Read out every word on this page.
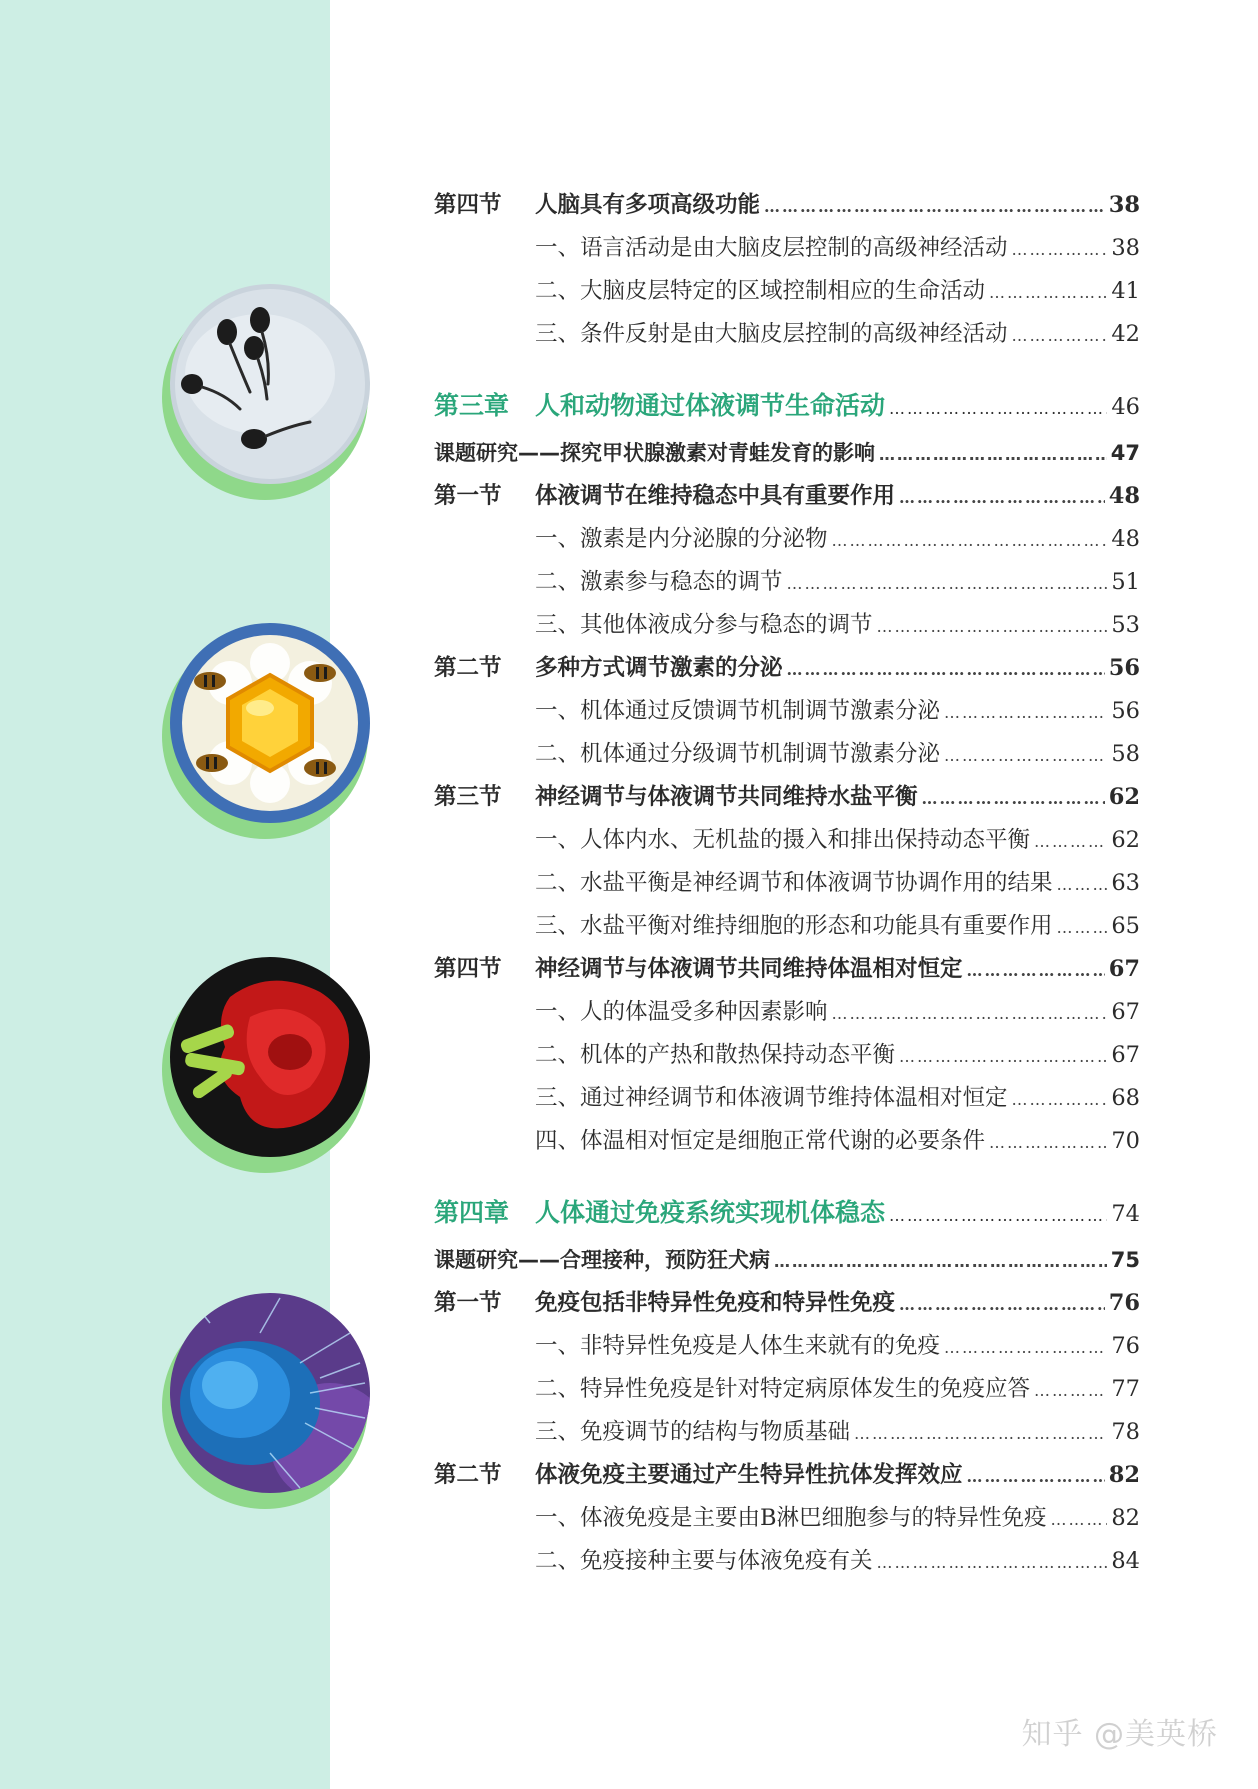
第四节 人脑具有多项高级功能 …………………………………………………………………………………………………………………………………………………………………………	38
一、语言活动是由大脑皮层控制的高级神经活动 …………………………………………………………………………………………………………………………………………………………………………	38
二、大脑皮层特定的区域控制相应的生命活动 …………………………………………………………………………………………………………………………………………………………………………	41
三、条件反射是由大脑皮层控制的高级神经活动 …………………………………………………………………………………………………………………………………………………………………………	42
第三章 人和动物通过体液调节生命活动 …………………………………………………………………………………………………………………………………………………………………………	46
课题研究——探究甲状腺激素对青蛙发育的影响 …………………………………………………………………………………………………………………………………………………………………………	47
第一节 体液调节在维持稳态中具有重要作用 …………………………………………………………………………………………………………………………………………………………………………	48
一、激素是内分泌腺的分泌物 …………………………………………………………………………………………………………………………………………………………………………	48
二、激素参与稳态的调节 …………………………………………………………………………………………………………………………………………………………………………	51
三、其他体液成分参与稳态的调节 …………………………………………………………………………………………………………………………………………………………………………	53
第二节 多种方式调节激素的分泌 …………………………………………………………………………………………………………………………………………………………………………	56
一、机体通过反馈调节机制调节激素分泌 …………………………………………………………………………………………………………………………………………………………………………	56
二、机体通过分级调节机制调节激素分泌 …………………………………………………………………………………………………………………………………………………………………………	58
第三节 神经调节与体液调节共同维持水盐平衡 …………………………………………………………………………………………………………………………………………………………………………	62
一、人体内水、无机盐的摄入和排出保持动态平衡 …………………………………………………………………………………………………………………………………………………………………………	62
二、水盐平衡是神经调节和体液调节协调作用的结果 …………………………………………………………………………………………………………………………………………………………………………	63
三、水盐平衡对维持细胞的形态和功能具有重要作用 …………………………………………………………………………………………………………………………………………………………………………	65
第四节 神经调节与体液调节共同维持体温相对恒定 …………………………………………………………………………………………………………………………………………………………………………	67
一、人的体温受多种因素影响 …………………………………………………………………………………………………………………………………………………………………………	67
二、机体的产热和散热保持动态平衡 …………………………………………………………………………………………………………………………………………………………………………	67
三、通过神经调节和体液调节维持体温相对恒定 …………………………………………………………………………………………………………………………………………………………………………	68
四、体温相对恒定是细胞正常代谢的必要条件 …………………………………………………………………………………………………………………………………………………………………………	70
第四章 人体通过免疫系统实现机体稳态 …………………………………………………………………………………………………………………………………………………………………………	74
课题研究——合理接种，预防狂犬病 …………………………………………………………………………………………………………………………………………………………………………	75
第一节 免疫包括非特异性免疫和特异性免疫 …………………………………………………………………………………………………………………………………………………………………………	76
一、非特异性免疫是人体生来就有的免疫 …………………………………………………………………………………………………………………………………………………………………………	76
二、特异性免疫是针对特定病原体发生的免疫应答 …………………………………………………………………………………………………………………………………………………………………………	77
三、免疫调节的结构与物质基础 …………………………………………………………………………………………………………………………………………………………………………	78
第二节 体液免疫主要通过产生特异性抗体发挥效应 …………………………………………………………………………………………………………………………………………………………………………	82
一、体液免疫是主要由B淋巴细胞参与的特异性免疫 …………………………………………………………………………………………………………………………………………………………………………	82
二、免疫接种主要与体液免疫有关 …………………………………………………………………………………………………………………………………………………………………………	84
知乎 @美英桥
